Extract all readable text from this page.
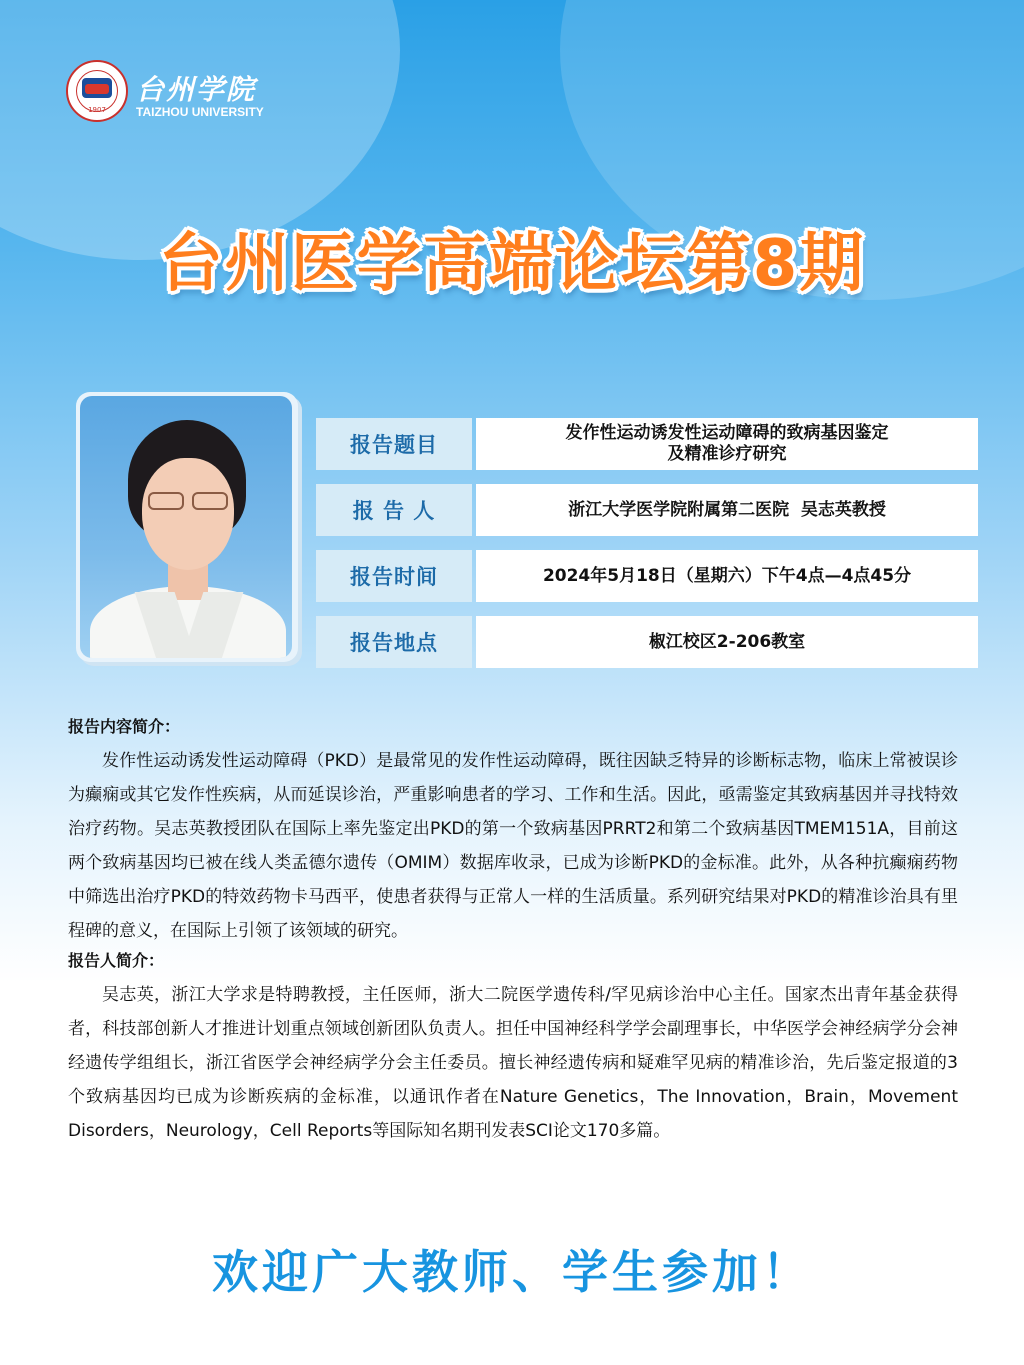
1907
台州学院
TAIZHOU UNIVERSITY
台州医学高端论坛第8期
报告题目	发作性运动诱发性运动障碍的致病基因鉴定
及精准诊疗研究
报 告 人	浙江大学医学院附属第二医院  吴志英教授
报告时间	2024年5月18日（星期六）下午4点—4点45分
报告地点	椒江校区2-206教室
报告内容简介：
发作性运动诱发性运动障碍（PKD）是最常见的发作性运动障碍，既往因缺乏特异的诊断标志物，临床上常被误诊为癫痫或其它发作性疾病，从而延误诊治，严重影响患者的学习、工作和生活。因此，亟需鉴定其致病基因并寻找特效治疗药物。吴志英教授团队在国际上率先鉴定出PKD的第一个致病基因PRRT2和第二个致病基因TMEM151A，目前这两个致病基因均已被在线人类孟德尔遗传（OMIM）数据库收录，已成为诊断PKD的金标准。此外，从各种抗癫痫药物中筛选出治疗PKD的特效药物卡马西平，使患者获得与正常人一样的生活质量。系列研究结果对PKD的精准诊治具有里程碑的意义，在国际上引领了该领域的研究。
报告人简介：
吴志英，浙江大学求是特聘教授，主任医师，浙大二院医学遗传科/罕见病诊治中心主任。国家杰出青年基金获得者，科技部创新人才推进计划重点领域创新团队负责人。担任中国神经科学学会副理事长，中华医学会神经病学分会神经遗传学组组长，浙江省医学会神经病学分会主任委员。擅长神经遗传病和疑难罕见病的精准诊治，先后鉴定报道的3个致病基因均已成为诊断疾病的金标准，以通讯作者在Nature Genetics，The Innovation，Brain，Movement Disorders，Neurology，Cell Reports等国际知名期刊发表SCI论文170多篇。
欢迎广大教师、学生参加！
